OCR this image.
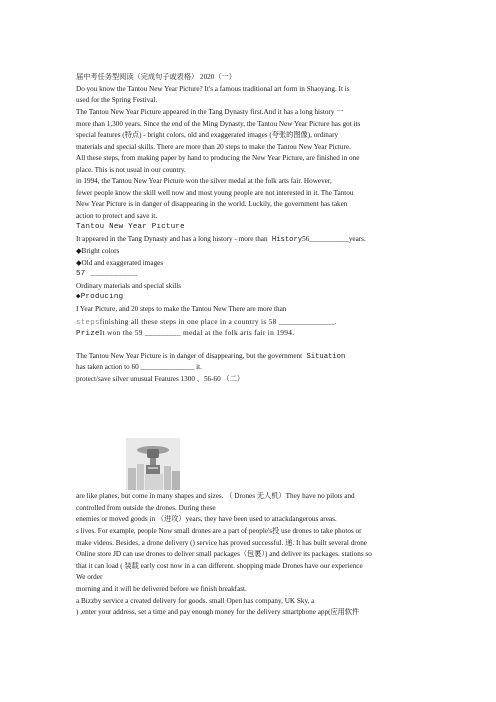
届中考任务型阅读（完成句子或表格） 2020（一）
Do you know the Tantou New Year Picture? It's a famous traditional art form in Shaoyang. It is
used for the Spring Festival.
The Tantou New Year Picture appeared in the Tang Dynasty first.And it has a long history 一
more than 1,300 years. Since the end of the Ming Dynasty, the Tantou New Year Picture has got its
special features (特点) - bright colors, old and exaggerated images (夸张的图像), ordinary
materials and special skills. There are more than 20 steps to make the Tantou New Year Picture.
All these steps, from making paper by hand to producing the New Year Picture, are finished in one
place. This is not usual in our country.
in 1994, the Tantou New Year Picture won the silver medal at the folk arts fair. However,
fewer people know the skill well now and most young people are not interested in it. The Tantou
New Year Picture is in danger of disappearing in the world. Luckily, the government has taken
action to protect and save it.
Tantou New Year Picture
It appeared in the Tang Dynasty and has a long history - more than History56___________years.
◆Bright colors
◆Old and exaggerated images
57 __________
Ordinary materials and special skills
◆Producing
I Year Picture, and 20 steps to make the Tantou New There are more than
stepsfinishing all these steps in one place in a country is 58 ______________.
PrizeIt won the 59 _________ medal at the folk arts fair in 1994.
The Tantou New Year Picture is in danger of disappearing, but the government Situation
has taken action to 60 _______________ it.
protect/save silver unusual Features 1300 、56-60 （二）
are like planes, but come in many shapes and sizes. （ Drones 无人机）They have no pilots and
controlled from outside the drones. During these
enemies or moved goods in （进攻）years, they have been used to attackdangerous areas.
s lives. For example, people Now small drones are a part of people's投 use drones to take photos or
make videos. Besides, a drone delivery () service has proved successful. 递. It has built several drone
Online store JD can use drones to deliver small packages（包裹）) and deliver its packages. stations so
that it can load ( 装载 early cost now in a can different. shopping made Drones have our experience
We order
morning and it will be delivered before we finish breakfast.
a Bizzby service a created delivery for goods. small Open has company, UK Sky, a
) ,enter your address, set a time and pay enough money for the delivery smartphone app(应用软件
